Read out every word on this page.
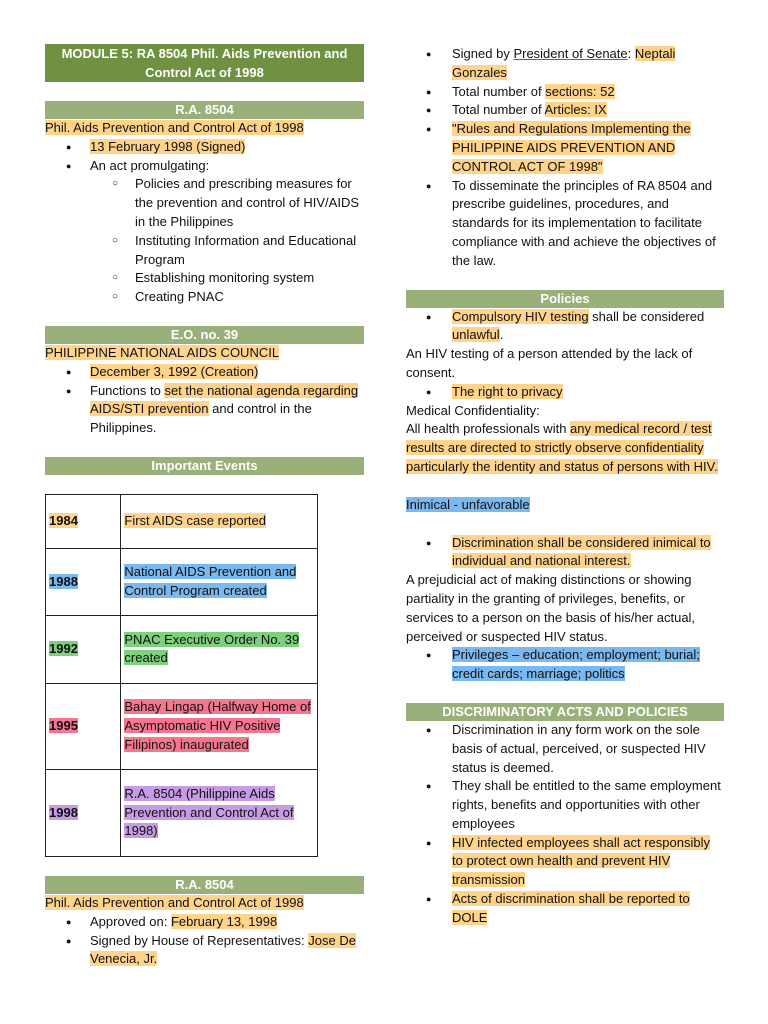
MODULE 5: RA 8504 Phil. Aids Prevention and Control Act of 1998
R.A. 8504

Phil. Aids Prevention and Control Act of 1998

● 13 February 1998 (Signed)
● An act promulgating:
○ Policies and prescribing measures for the prevention and control of HIV/AIDS in the Philippines
○ Instituting Information and Educational Program
○ Establishing monitoring system
○ Creating PNAC
E.O. no. 39

PHILIPPINE NATIONAL AIDS COUNCIL

● December 3, 1992 (Creation)
● Functions to set the national agenda regarding AIDS/STI prevention and control in the Philippines.
Important Events
1984	First AIDS case reported
1988	National AIDS Prevention and Control Program created
1992	PNAC Executive Order No. 39 created
1995	Bahay Lingap (Halfway Home of Asymptomatic HIV Positive Filipinos) inaugurated
1998	R.A. 8504 (Philippine Aids Prevention and Control Act of 1998)
R.A. 8504

Phil. Aids Prevention and Control Act of 1998

● Approved on: February 13, 1998
● Signed by House of Representatives: Jose De Venecia, Jr.
● Signed by President of Senate: Neptali Gonzales
● Total number of sections: 52
● Total number of Articles: IX
● "Rules and Regulations Implementing the PHILIPPINE AIDS PREVENTION AND CONTROL ACT OF 1998"
● To disseminate the principles of RA 8504 and prescribe guidelines, procedures, and standards for its implementation to facilitate compliance with and achieve the objectives of the law.
Policies
● Compulsory HIV testing shall be considered unlawful.

An HIV testing of a person attended by the lack of consent.

● The right to privacy

Medical Confidentiality:

All health professionals with any medical record / test results are directed to strictly observe confidentiality particularly the identity and status of persons with HIV.

Inimical - unfavorable

● Discrimination shall be considered inimical to individual and national interest.

A prejudicial act of making distinctions or showing partiality in the granting of privileges, benefits, or services to a person on the basis of his/her actual, perceived or suspected HIV status.

● Privileges – education; employment; burial; credit cards; marriage; politics
DISCRIMINATORY ACTS AND POLICIES
● Discrimination in any form work on the sole basis of actual, perceived, or suspected HIV status is deemed.
● They shall be entitled to the same employment rights, benefits and opportunities with other employees
● HIV infected employees shall act responsibly to protect own health and prevent HIV transmission
● Acts of discrimination shall be reported to DOLE
